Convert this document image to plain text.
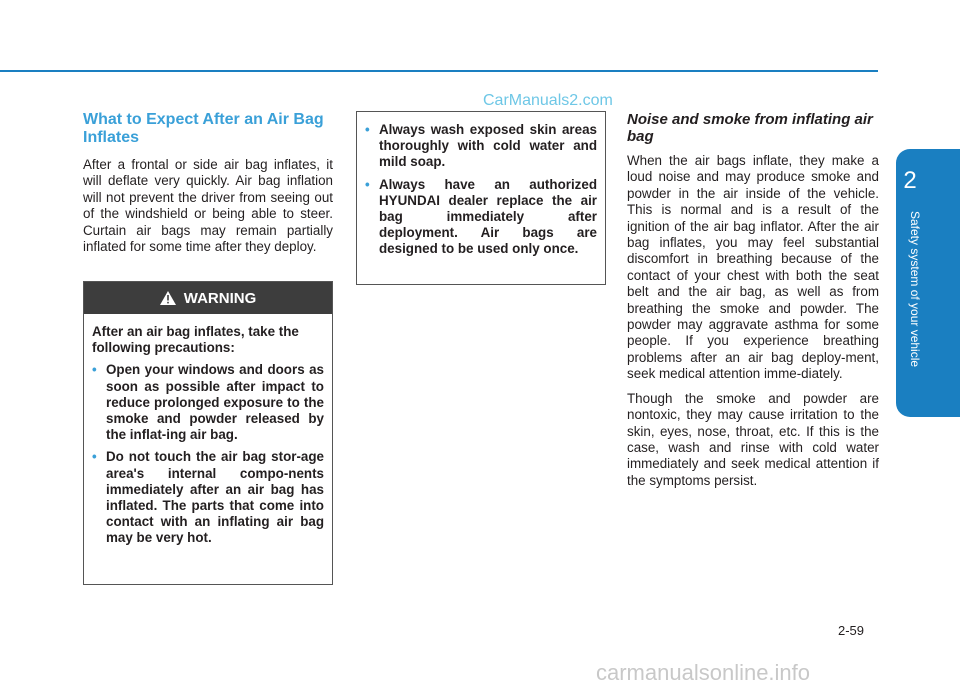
CarManuals2.com
What to Expect After an Air Bag Inflates

After a frontal or side air bag inflates, it will deflate very quickly. Air bag inflation will not prevent the driver from seeing out of the windshield or being able to steer. Curtain air bags may remain partially inflated for some time after they deploy.

WARNING

After an air bag inflates, take the following precautions:

• Open your windows and doors as soon as possible after impact to reduce prolonged exposure to the smoke and powder released by the inflat-ing air bag.
• Do not touch the air bag stor-age area's internal compo-nents immediately after an air bag has inflated. The parts that come into contact with an inflating air bag may be very hot.
• Always wash exposed skin areas thoroughly with cold water and mild soap.
• Always have an authorized HYUNDAI dealer replace the air bag immediately after deployment. Air bags are designed to be used only once.
Noise and smoke from inflating air bag

When the air bags inflate, they make a loud noise and may produce smoke and powder in the air inside of the vehicle. This is normal and is a result of the ignition of the air bag inflator. After the air bag inflates, you may feel substantial discomfort in breathing because of the contact of your chest with both the seat belt and the air bag, as well as from breathing the smoke and powder. The powder may aggravate asthma for some people. If you experience breathing problems after an air bag deploy-ment, seek medical attention imme-diately.

Though the smoke and powder are nontoxic, they may cause irritation to the skin, eyes, nose, throat, etc. If this is the case, wash and rinse with cold water immediately and seek medical attention if the symptoms persist.

2
Safety system of your vehicle
2-59
carmanualsonline.info
